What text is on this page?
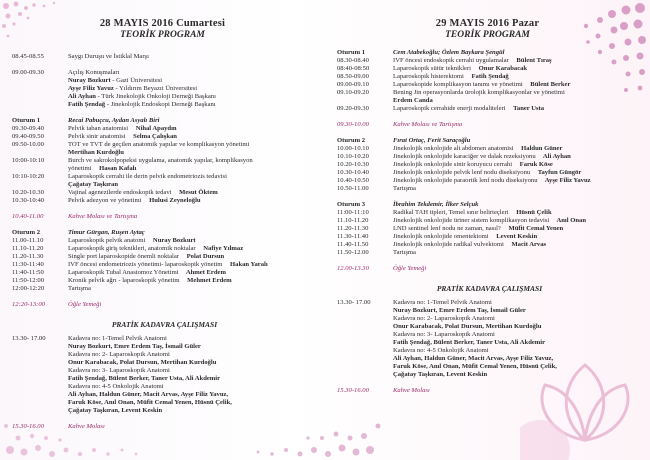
28 MAYIS 2016 Cumartesi
TEORİK PROGRAM
08.45-08.55	Saygı Duruşu ve İstiklal Marşı
09.00-09.30	Açılış Konuşmaları
Nuray Bozkurt - Gazi Üniversitesi
Ayşe Filiz Yavuz - Yıldırım Beyazıt Üniversitesi
Ali Ayhan - Türk Jinekolojik Onkoloji Derneği Başkanı
Fatih Şendağ - Jinekolojik Endoskopi Derneği Başkanı
Oturum 1	Recai Pabuçcu, Aydan Asyalı Biri
09.30-09.40	Pelvik taban anatomisi Nihal Apaydın
09.40-09.50	Pelvik sinir anatomisi Selma Çalışkan
09.50-10.00	TOT ve TVT de geçilen anatomik yapılar ve komplikasyon yönetimi
Mertihan Kurdoğlu
10:00-10:10	Burch ve sakrokolpopeksi uygulama, anatomik yapılar, komplikasyon
yönetimi Hasan Kafalı
10:10-10:20	Laparoskopik cerrahi ile derin pelvik endometriozis tedavisi
Çağatay Taşkıran
10.20-10.30	Vajinal agenezilerde endoskopik tedavi Mesut Öktem
10.30-10:40	Pelvik adezyon ve yönetimi Hulusi Zeyneloğlu
10.40-11.00	Kahve Molası ve Tartışma
Oturum 2	Timur Gürgan, Ruşen Aytaç
11.00-11.10	Laparoskopik pelvik anatomi Nuray Bozkurt
11.10-11.20	Laparoskopik giriş teknikleri, anatomik noktalar Nafiye Yılmaz
11.20-11.30	Single port laparoskopide önemli noktalar Polat Dursun
11:30-11:40	IVF öncesi endometriozis yönetimi- laparoskopik yönetim Hakan Yaralı
11:40-11:50	Laparoskopik Tubal Anastomoz Yönetimi Ahmet Erdem
11:50-12:00	Kronik pelvik ağrı - laparoskopik yönetim Mehmet Erdem
12:00-12:20	Tartışma
12:20-13:00	Öğle Yemeği
PRATİK KADAVRA ÇALIŞMASI
13.30- 17.00	Kadavra no: 1-Temel Pelvik Anatomi
Nuray Bozkurt, Emre Erdem Taş, İsmail Güler
Kadavra no: 2- Laparoskopik Anatomi
Onur Karabacak, Polat Dursun, Mertihan Kurdoğlu
Kadavra no: 3- Laparoskopik Anatomi
Fatih Şendağ, Bülent Berker, Taner Usta, Ali Akdemir
Kadavra no: 4-5 Onkolojik Anatomi
Ali Ayhan, Haldun Güner, Macit Arvas, Ayşe Filiz Yavuz,
Faruk Köse, Anıl Onan, Müfit Cemal Yenen, Hüsnü Çelik,
Çağatay Taşkıran, Levent Keskin
15.30-16.00	Kahve Molası
29 MAYIS 2016 Pazar
TEORİK PROGRAM
Oturum 1	Cem Atabekoğlu; Özlem Baykara Şengül
08.30-08.40	IVF öncesi endoskopik cerrahi uygulamalar Bülent Tıraş
08:40-08:50	Laparoskopik sütür teknikleri Onur Karabacak
08.50-09.00	Laparoskopik histerektomi Fatih Şendağ
09.00-09.10	Laparoskopide komplikasyon tanımı ve yönetimi Bülent Berker
09.10-09.20	Bening Jin operasyonlarda ürolojik komplikasyonlar ve yönetimi
Erdem Canda
09.20-09.30	Laparoskopik cerrahide enerji modaliteleri Taner Usta
09.30-10.00	Kahve Molası ve Tartışma
Oturum 2	Fırat Ortaç, Ferit Saraçoğlu
10.00-10.10	Jinekolojik onkolojide alt abdomen anatomisi Haldun Güner
10.10-10.20	Jinekolojik onkolojide karaciğer ve dalak rezeksiyonu Ali Ayhan
10.20-10.30	Jinekolojik onkolojide sinir koruyucu cerrahi Faruk Köse
10.30-10.40	Jinekolojik onkolojide pelvik lenf nodu diseksiyonu Tayfun Güngör
10.40-10.50	Jinekolojik onkolojide paraortik lenf nodu diseksiyonu Ayşe Filiz Yavuz
10.50-11.00	Tartışma
Oturum 3	İbrahim Tekdemir, İlker Selçuk
11:00-11:10	Radikal TAH tipleri, Temel sınır belirteçleri Hüsnü Çelik
11.10-11.20	Jinekolojik onkolojide üriner sistem komplikasyon tedavisi Anıl Onan
11.20-11.30	LND sentinel lenf nodu ne zaman, nasıl? Müfit Cemal Yenen
11.30-11.40	Jinekolojik onkolojide omentektomi Levent Keskin
11.40-11.50	Jinekolojik onkolojide radikal vulvektomi Macit Arvas
11.50-12.00	Tartışma
12.00-13.30	Öğle Yemeği
PRATİK KADAVRA ÇALIŞMASI
13.30- 17.00	Kadavra no: 1-Temel Pelvik Anatomi
Nuray Bozkurt, Emre Erdem Taş, İsmail Güler
Kadavra no: 2- Laparoskopik Anatomi
Onur Karabacak, Polat Dursun, Mertihan Kurdoğlu
Kadavra no: 3- Laparoskopik Anatomi
Fatih Şendağ, Bülent Berker, Taner Usta, Ali Akdemir
Kadavra no: 4-5 Onkolojik Anatomi
Ali Ayhan, Haldun Güner, Macit Arvas, Ayşe Filiz Yavuz,
Faruk Köse, Anıl Onan, Müfit Cemal Yenen, Hüsnü Çelik,
Çağatay Taşkıran, Levent Keskin
15.30-16.00	Kahve Molası
